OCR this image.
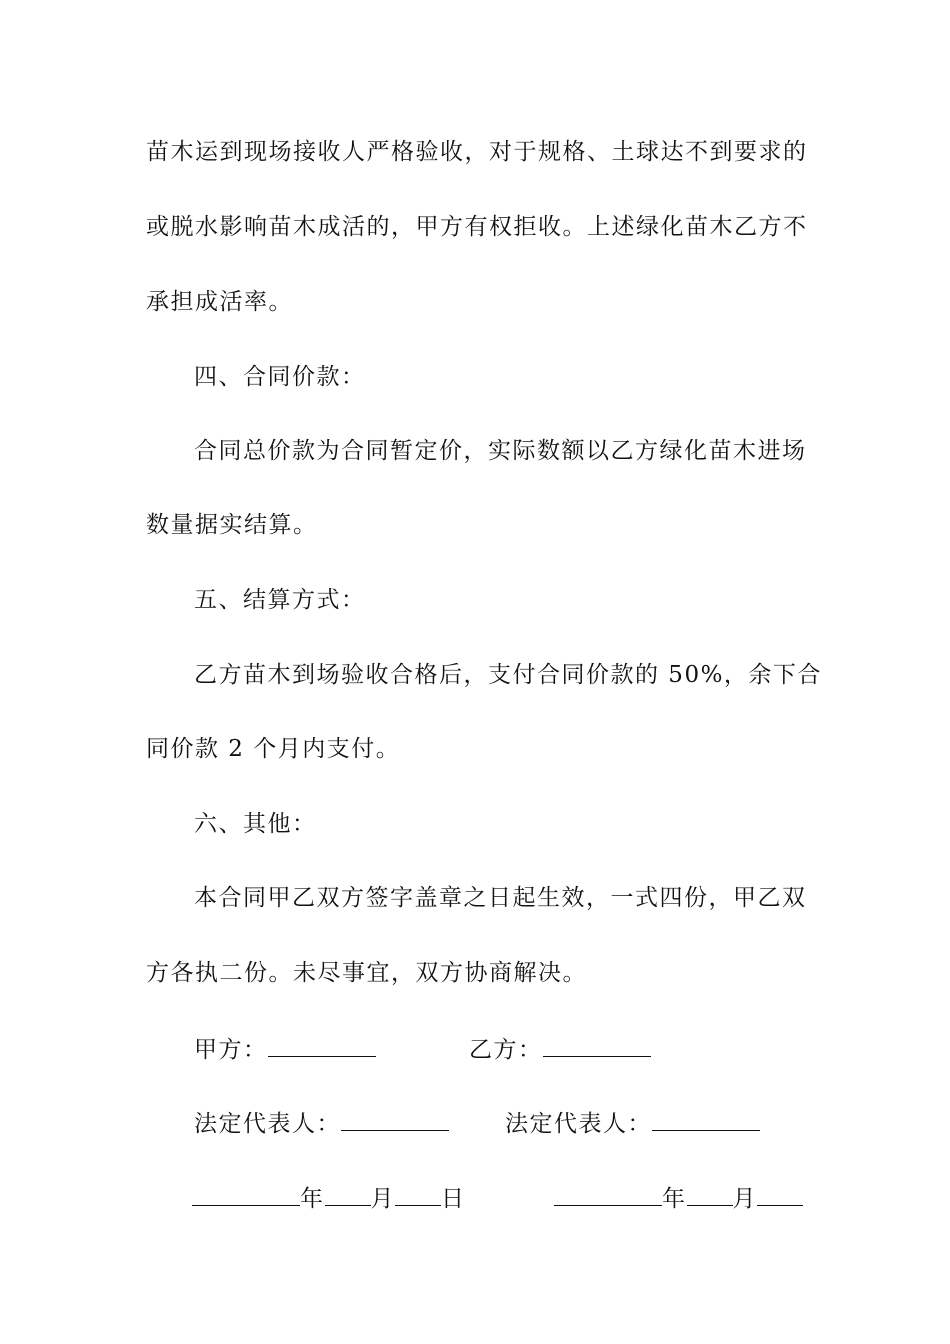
苗木运到现场接收人严格验收，对于规格、土球达不到要求的
或脱水影响苗木成活的，甲方有权拒收。上述绿化苗木乙方不
承担成活率。
四、合同价款：
合同总价款为合同暂定价，实际数额以乙方绿化苗木进场
数量据实结算。
五、结算方式：
乙方苗木到场验收合格后，支付合同价款的 50%，余下合
同价款 2 个月内支付。
六、其他：
本合同甲乙双方签字盖章之日起生效，一式四份，甲乙双
方各执二份。未尽事宜，双方协商解决。
甲方：	乙方：
法定代表人：	法定代表人：
年 月 日	年 月
